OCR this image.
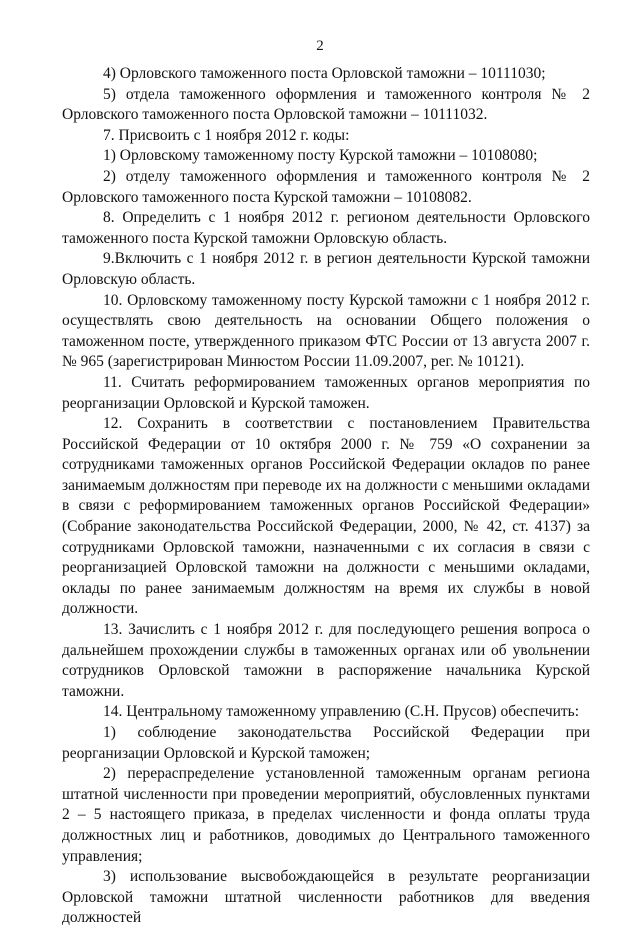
2

4) Орловского таможенного поста Орловской таможни – 10111030;

5) отдела таможенного оформления и таможенного контроля № 2 Орловского таможенного поста Орловской таможни – 10111032.

7. Присвоить с 1 ноября 2012 г. коды:

1) Орловскому таможенному посту Курской таможни – 10108080;

2) отделу таможенного оформления и таможенного контроля № 2 Орловского таможенного поста Курской таможни – 10108082.

8. Определить с 1 ноября 2012 г. регионом деятельности Орловского таможенного поста Курской таможни Орловскую область.

9.Включить с 1 ноября 2012 г. в регион деятельности Курской таможни Орловскую область.

10. Орловскому таможенному посту Курской таможни с 1 ноября 2012 г. осуществлять свою деятельность на основании Общего положения о таможенном посте, утвержденного приказом ФТС России от 13 августа 2007 г. № 965 (зарегистрирован Минюстом России 11.09.2007, рег. № 10121).

11. Считать реформированием таможенных органов мероприятия по реорганизации Орловской и Курской таможен.

12. Сохранить в соответствии с постановлением Правительства Российской Федерации от 10 октября 2000 г. № 759 «О сохранении за сотрудниками таможенных органов Российской Федерации окладов по ранее занимаемым должностям при переводе их на должности с меньшими окладами в связи с реформированием таможенных органов Российской Федерации» (Собрание законодательства Российской Федерации, 2000, № 42, ст. 4137) за сотрудниками Орловской таможни, назначенными с их согласия в связи с реорганизацией Орловской таможни на должности с меньшими окладами, оклады по ранее занимаемым должностям на время их службы в новой должности.

13. Зачислить с 1 ноября 2012 г. для последующего решения вопроса о дальнейшем прохождении службы в таможенных органах или об увольнении сотрудников Орловской таможни в распоряжение начальника Курской таможни.

14. Центральному таможенному управлению (С.Н. Прусов) обеспечить:

1) соблюдение законодательства Российской Федерации при реорганизации Орловской и Курской таможен;

2) перераспределение установленной таможенным органам региона штатной численности при проведении мероприятий, обусловленных пунктами 2 – 5 настоящего приказа, в пределах численности и фонда оплаты труда должностных лиц и работников, доводимых до Центрального таможенного управления;

3) использование высвобождающейся в результате реорганизации Орловской таможни штатной численности работников для введения должностей
